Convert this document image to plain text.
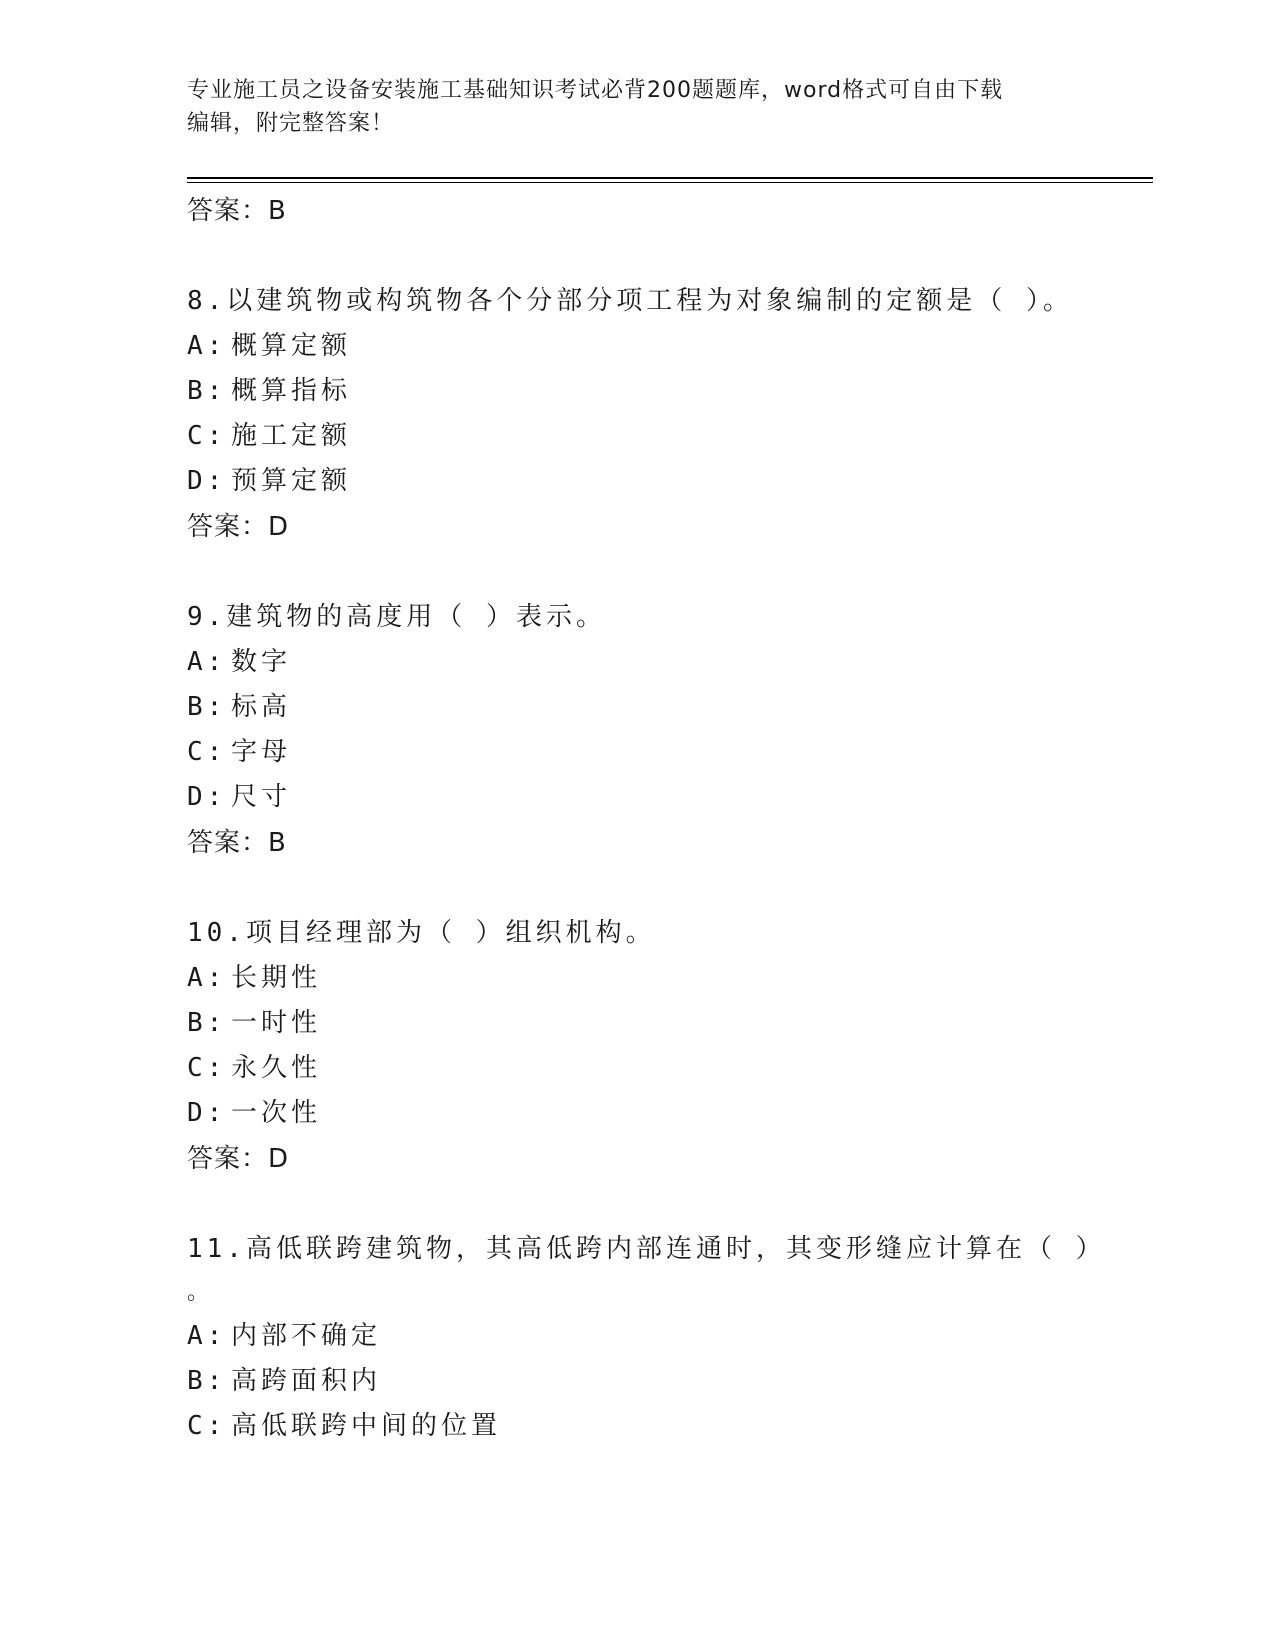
专业施工员之设备安装施工基础知识考试必背200题题库，word格式可自由下载
编辑，附完整答案！
答案：B
8.以建筑物或构筑物各个分部分项工程为对象编制的定额是（ ）。
A: 概算定额
B: 概算指标
C: 施工定额
D: 预算定额
答案：D
9.建筑物的高度用（ ）表示。
A: 数字
B: 标高
C: 字母
D: 尺寸
答案：B
10.项目经理部为（ ）组织机构。
A: 长期性
B: 一时性
C: 永久性
D: 一次性
答案：D
11.高低联跨建筑物，其高低跨内部连通时，其变形缝应计算在（ ）
。
A: 内部不确定
B: 高跨面积内
C: 高低联跨中间的位置
